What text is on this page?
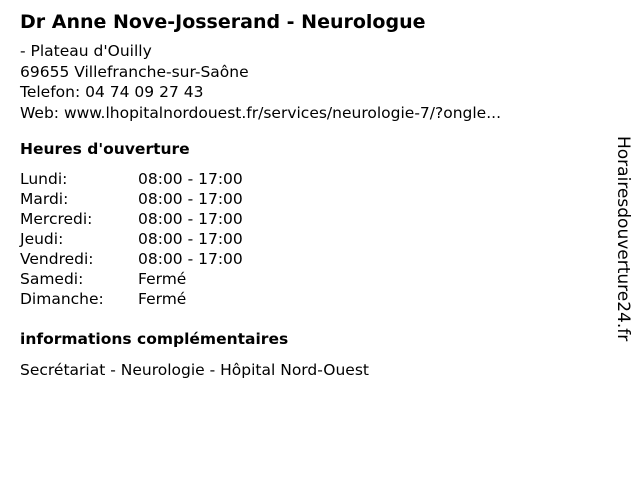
Dr Anne Nove-Josserand - Neurologue
- Plateau d'Ouilly
69655 Villefranche-sur-Saône
Telefon: 04 74 09 27 43
Web: www.lhopitalnordouest.fr/services/neurologie-7/?ongle...
Heures d'ouverture
Lundi:	08:00 - 17:00
Mardi:	08:00 - 17:00
Mercredi:	08:00 - 17:00
Jeudi:	08:00 - 17:00
Vendredi:	08:00 - 17:00
Samedi:	Fermé
Dimanche:	Fermé
informations complémentaires
Secrétariat - Neurologie - Hôpital Nord-Ouest
Horairesdouverture24.fr
